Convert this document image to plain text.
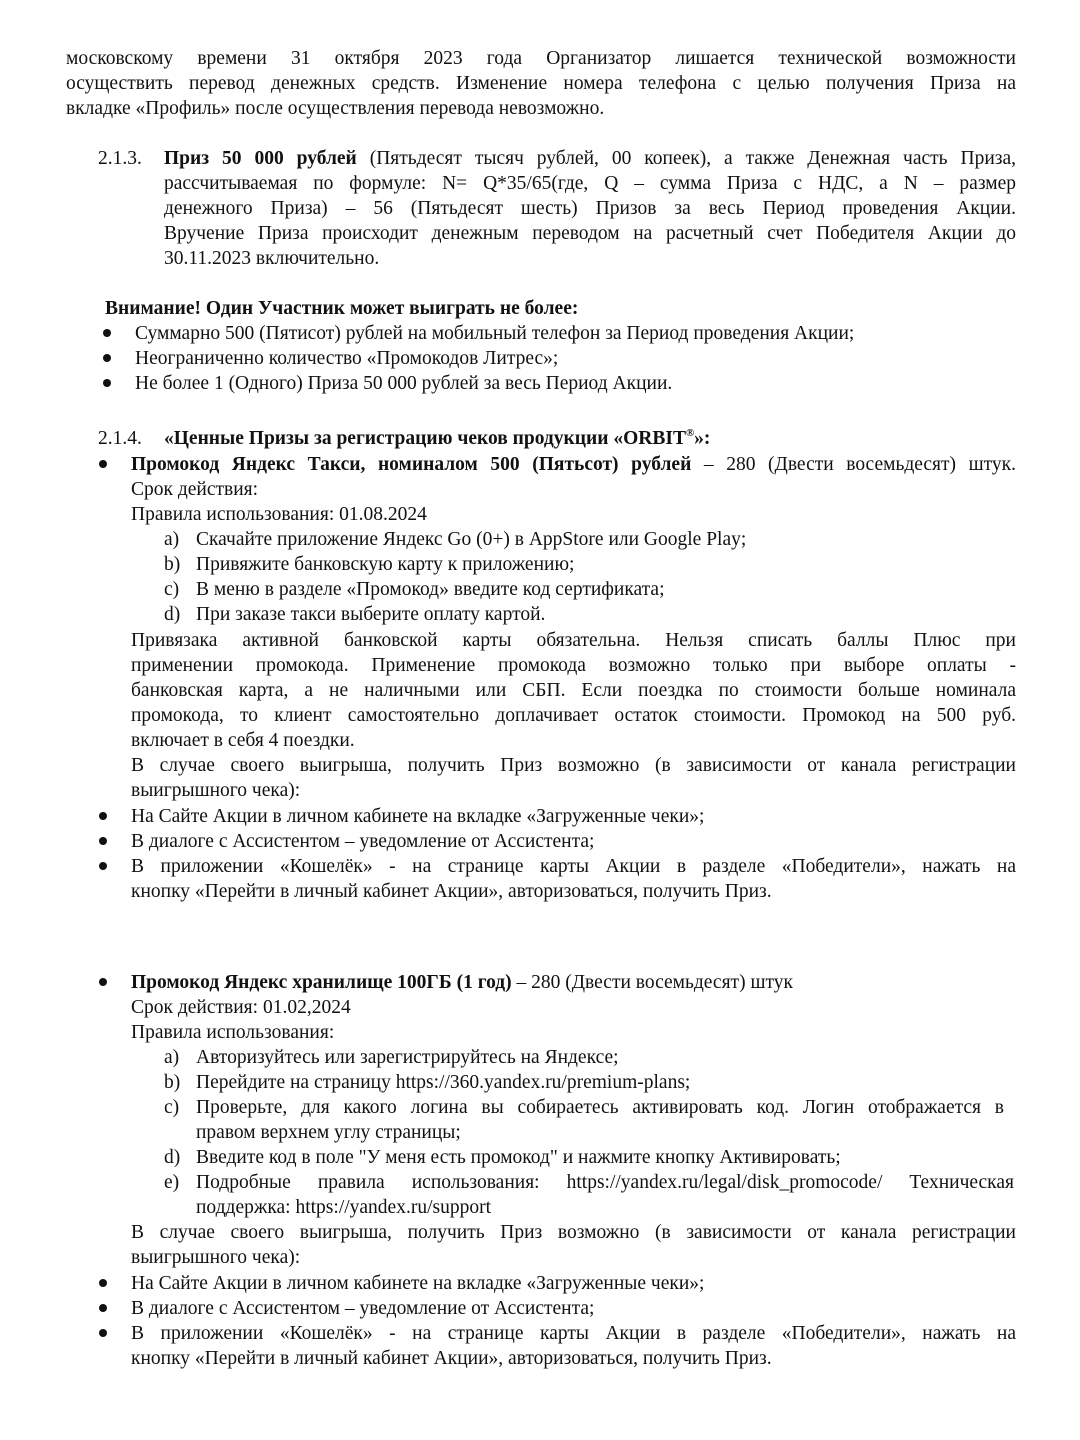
московскому времени 31 октября 2023 года Организатор лишается технической возможности
осуществить перевод денежных средств. Изменение номера телефона с целью получения Приза на
вкладке «Профиль» после осуществления перевода невозможно.
2.1.3. Приз 50 000 рублей (Пятьдесят тысяч рублей, 00 копеек), а также Денежная часть Приза,
рассчитываемая по формуле: N= Q*35/65(где, Q – сумма Приза с НДС, а N – размер
денежного Приза) – 56 (Пятьдесят шесть) Призов за весь Период проведения Акции.
Вручение Приза происходит денежным переводом на расчетный счет Победителя Акции до
30.11.2023 включительно.
Внимание! Один Участник может выиграть не более:
Суммарно 500 (Пятисот) рублей на мобильный телефон за Период проведения Акции;
Неограниченно количество «Промокодов Литрес»;
Не более 1 (Одного) Приза 50 000 рублей за весь Период Акции.
2.1.4. «Ценные Призы за регистрацию чеков продукции «ORBIT®»:
Промокод Яндекс Такси, номиналом 500 (Пятьсот) рублей – 280 (Двести восемьдесят) штук.
Срок действия:
Правила использования: 01.08.2024
a) Скачайте приложение Яндекс Go (0+) в AppStore или Google Play;
b) Привяжите банковскую карту к приложению;
c) В меню в разделе «Промокод» введите код сертификата;
d) При заказе такси выберите оплату картой.
Привязака активной банковской карты обязательна. Нельзя списать баллы Плюс при
применении промокода. Применение промокода возможно только при выборе оплаты -
банковская карта, а не наличными или СБП. Если поездка по стоимости больше номинала
промокода, то клиент самостоятельно доплачивает остаток стоимости. Промокод на 500 руб.
включает в себя 4 поездки.
В случае своего выигрыша, получить Приз возможно (в зависимости от канала регистрации
выигрышного чека):
На Сайте Акции в личном кабинете на вкладке «Загруженные чеки»;
В диалоге с Ассистентом – уведомление от Ассистента;
В приложении «Кошелёк» - на странице карты Акции в разделе «Победители», нажать на
кнопку «Перейти в личный кабинет Акции», авторизоваться, получить Приз.
Промокод Яндекс хранилище 100ГБ (1 год) – 280 (Двести восемьдесят) штук
Срок действия: 01.02,2024
Правила использования:
a) Авторизуйтесь или зарегистрируйтесь на Яндексе;
b) Перейдите на страницу https://360.yandex.ru/premium-plans;
c) Проверьте, для какого логина вы собираетесь активировать код. Логин отображается в
правом верхнем углу страницы;
d) Введите код в поле "У меня есть промокод" и нажмите кнопку Активировать;
e) Подробные правила использования: https://yandex.ru/legal/disk_promocode/ Техническая
поддержка: https://yandex.ru/support
В случае своего выигрыша, получить Приз возможно (в зависимости от канала регистрации
выигрышного чека):
На Сайте Акции в личном кабинете на вкладке «Загруженные чеки»;
В диалоге с Ассистентом – уведомление от Ассистента;
В приложении «Кошелёк» - на странице карты Акции в разделе «Победители», нажать на
кнопку «Перейти в личный кабинет Акции», авторизоваться, получить Приз.
